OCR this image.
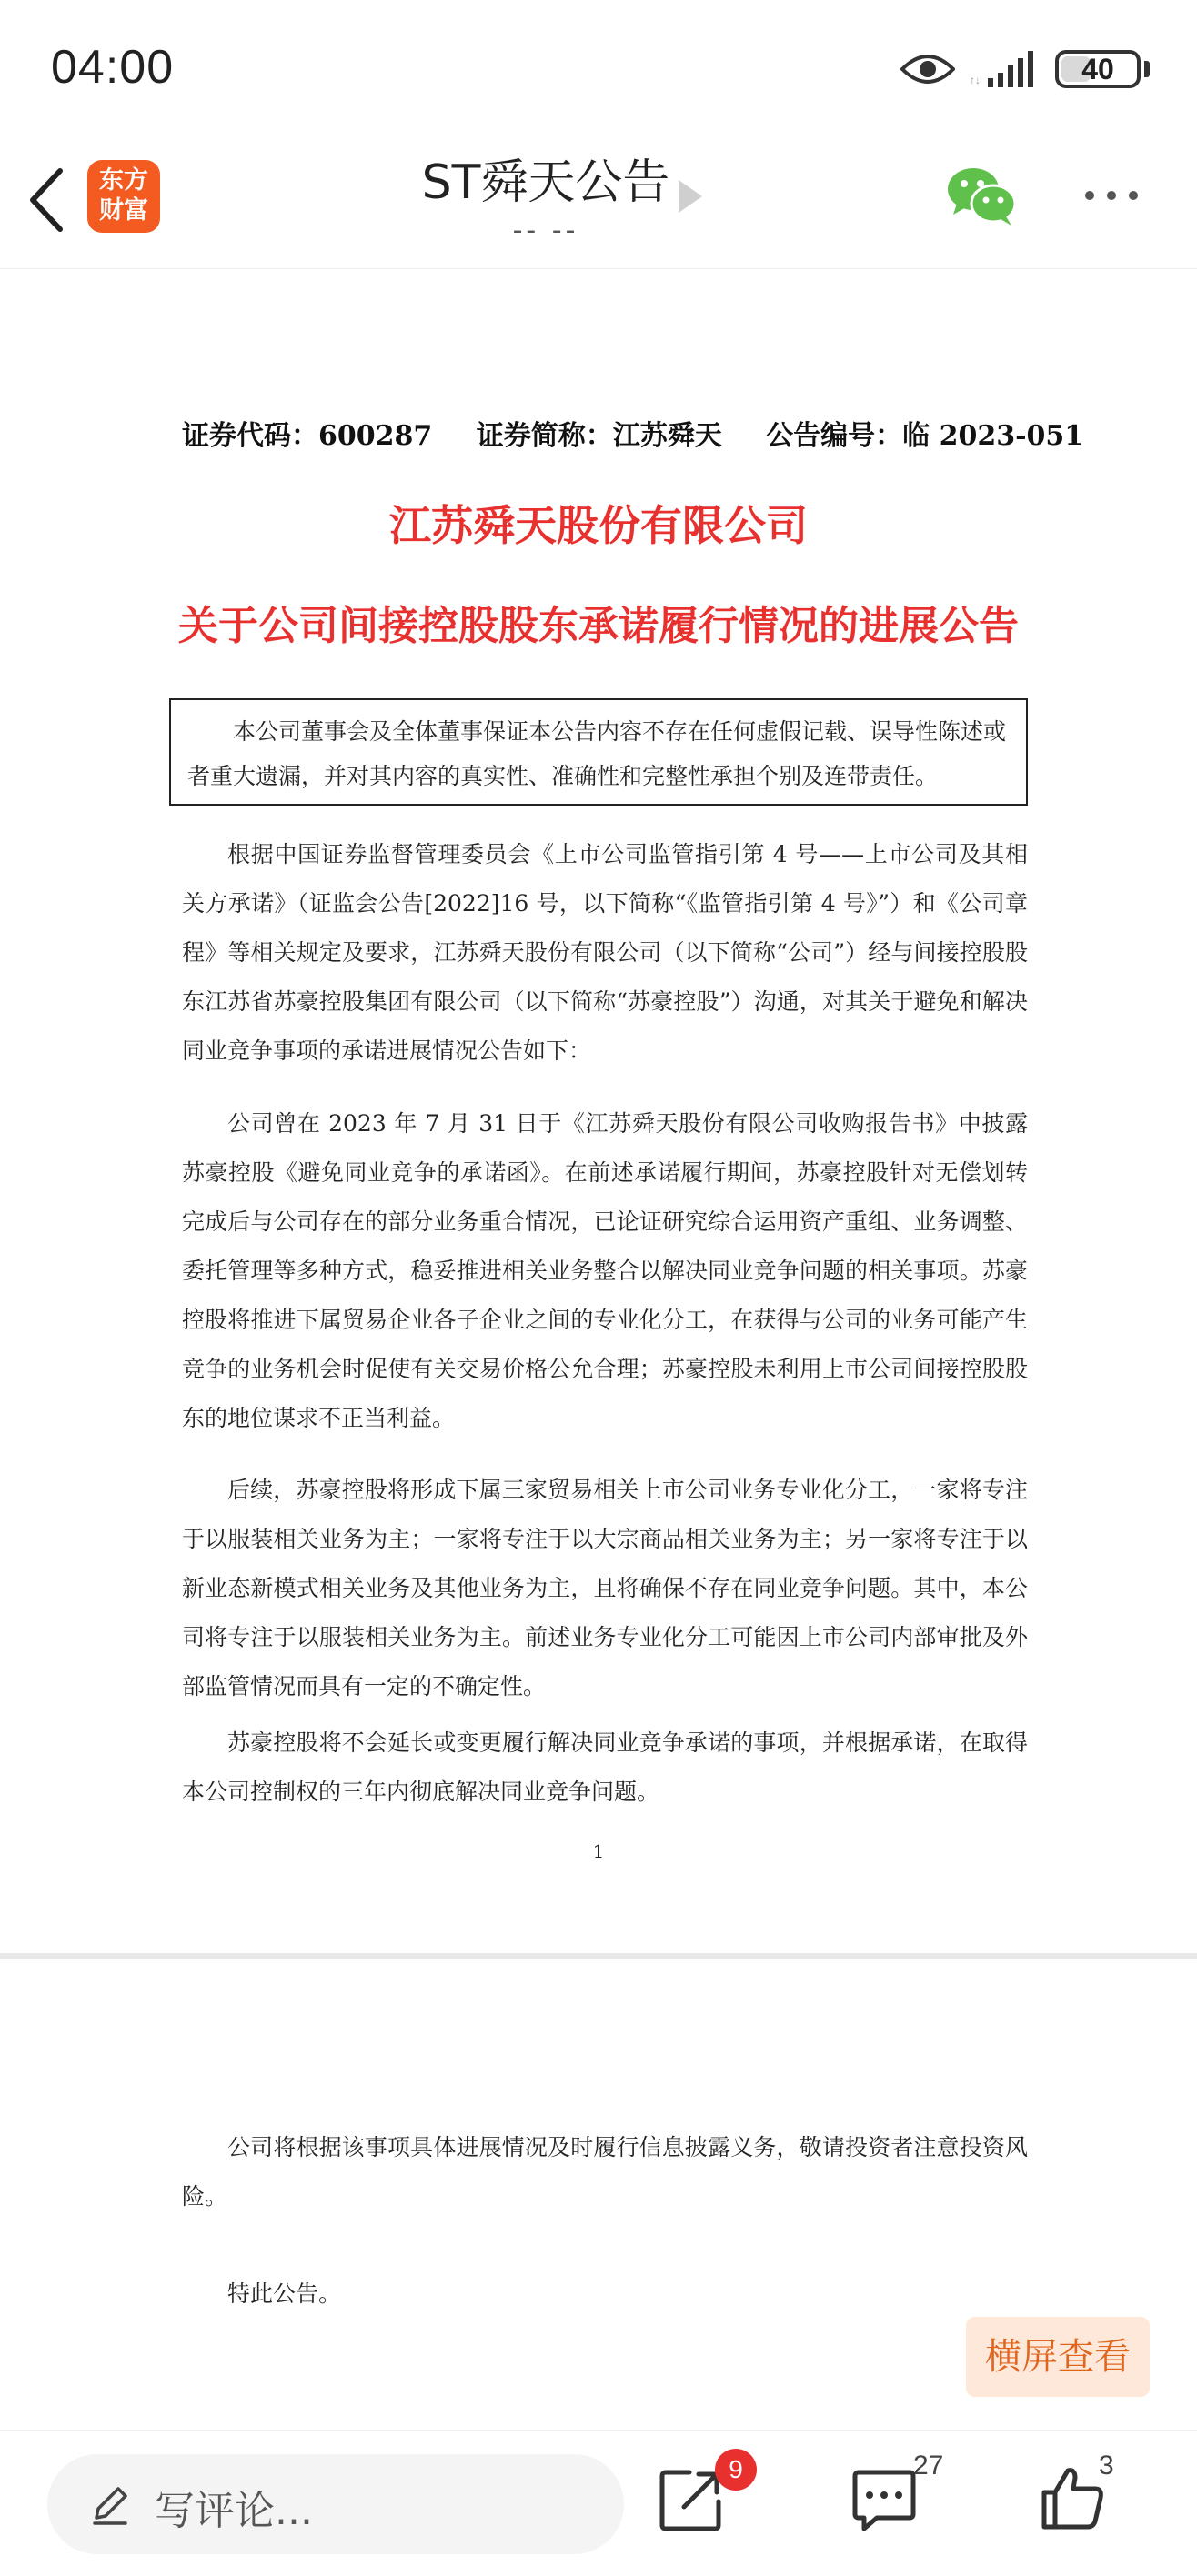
04:00	↑↓	40
东方
财富
ST舜天公告
-- --
证券代码：600287 证券简称：江苏舜天 公告编号：临 2023-051
江苏舜天股份有限公司
关于公司间接控股股东承诺履行情况的进展公告
本公司董事会及全体董事保证本公告内容不存在任何虚假记载、误导性陈述或者重大遗漏，并对其内容的真实性、准确性和完整性承担个别及连带责任。
根据中国证券监督管理委员会《上市公司监管指引第 4 号——上市公司及其相关方承诺》（证监会公告[2022]16 号，以下简称“《监管指引第 4 号》”）和《公司章程》等相关规定及要求，江苏舜天股份有限公司（以下简称“公司”）经与间接控股股东江苏省苏豪控股集团有限公司（以下简称“苏豪控股”）沟通，对其关于避免和解决同业竞争事项的承诺进展情况公告如下：
公司曾在 2023 年 7 月 31 日于《江苏舜天股份有限公司收购报告书》中披露苏豪控股《避免同业竞争的承诺函》。在前述承诺履行期间，苏豪控股针对无偿划转完成后与公司存在的部分业务重合情况，已论证研究综合运用资产重组、业务调整、委托管理等多种方式，稳妥推进相关业务整合以解决同业竞争问题的相关事项。苏豪控股将推进下属贸易企业各子企业之间的专业化分工，在获得与公司的业务可能产生竞争的业务机会时促使有关交易价格公允合理；苏豪控股未利用上市公司间接控股股东的地位谋求不正当利益。
后续，苏豪控股将形成下属三家贸易相关上市公司业务专业化分工，一家将专注于以服装相关业务为主；一家将专注于以大宗商品相关业务为主；另一家将专注于以新业态新模式相关业务及其他业务为主，且将确保不存在同业竞争问题。其中，本公司将专注于以服装相关业务为主。前述业务专业化分工可能因上市公司内部审批及外部监管情况而具有一定的不确定性。
苏豪控股将不会延长或变更履行解决同业竞争承诺的事项，并根据承诺，在取得本公司控制权的三年内彻底解决同业竞争问题。
1
公司将根据该事项具体进展情况及时履行信息披露义务，敬请投资者注意投资风险。
特此公告。
横屏查看
写评论...
9	27	3
